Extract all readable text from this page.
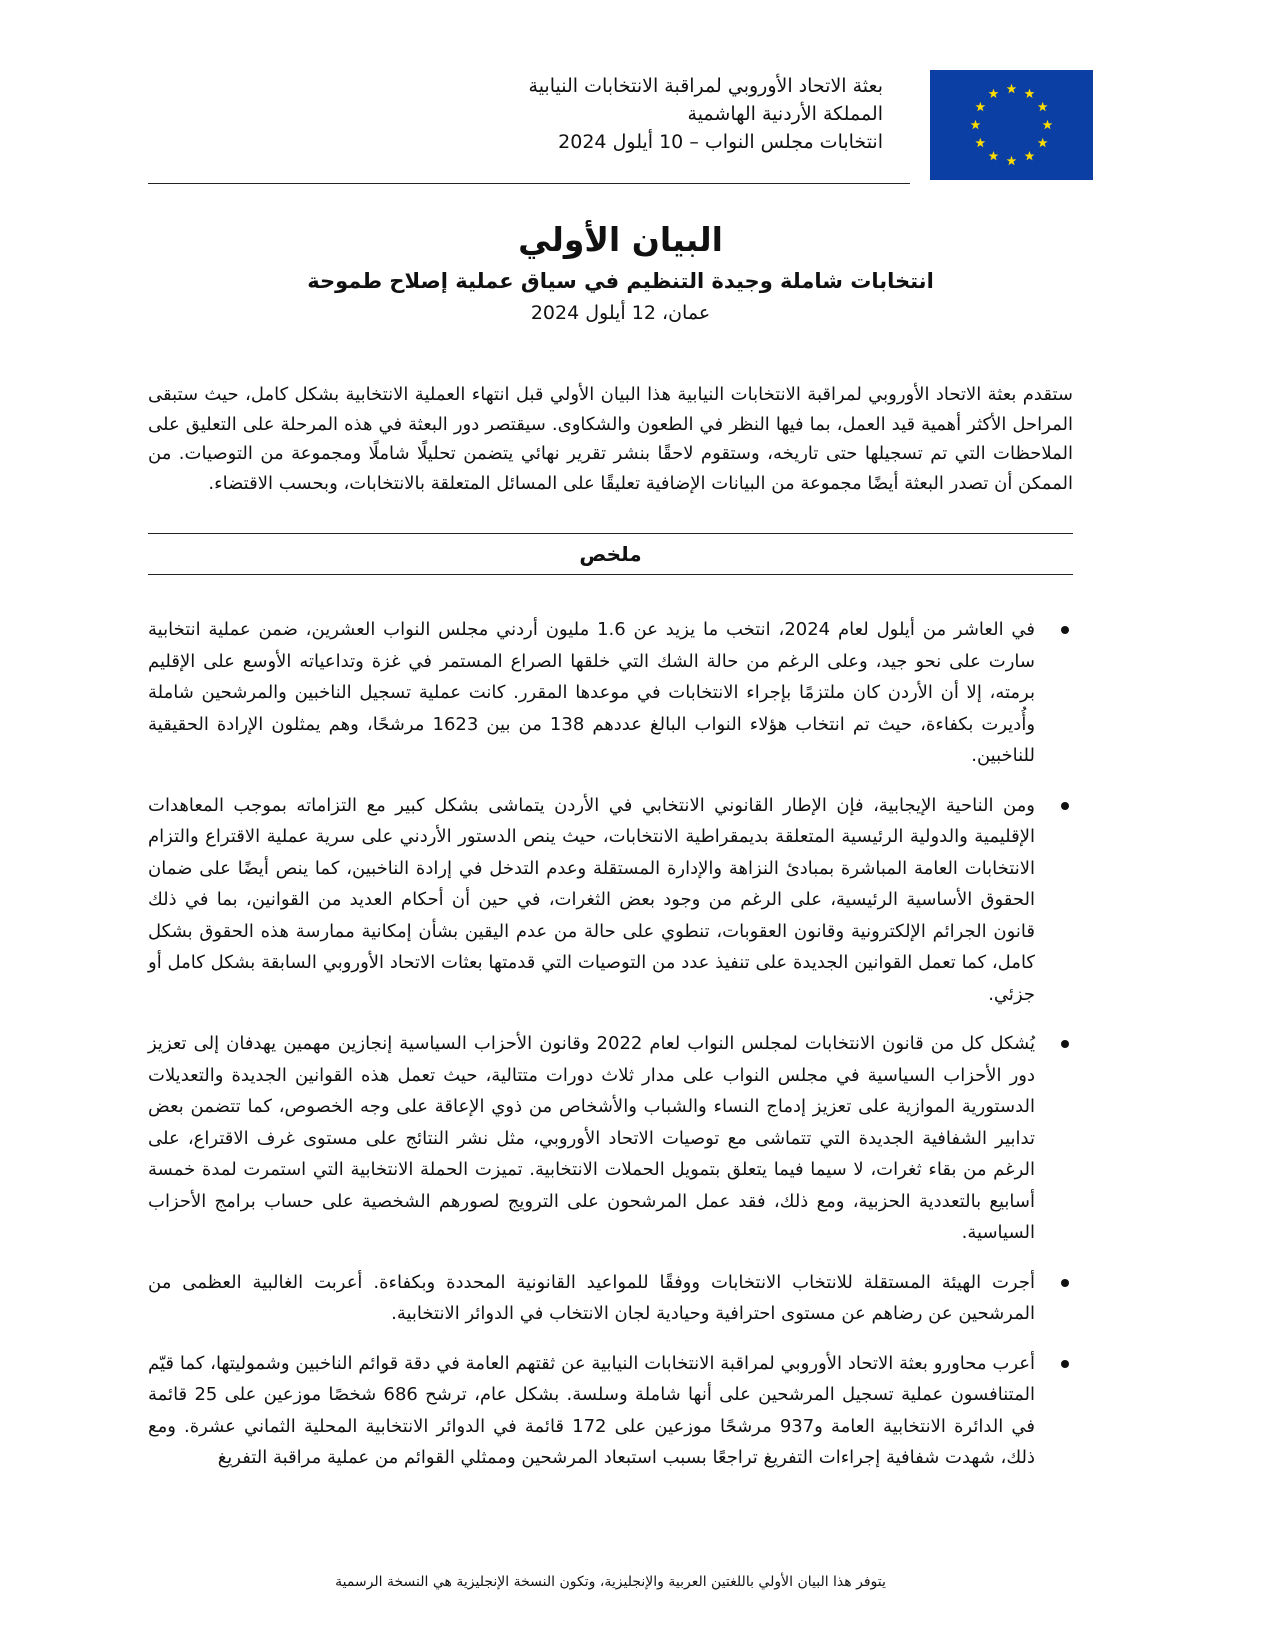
بعثة الاتحاد الأوروبي لمراقبة الانتخابات النيابية
المملكة الأردنية الهاشمية
انتخابات مجلس النواب – 10 أيلول 2024
البيان الأولي
انتخابات شاملة وجيدة التنظيم في سياق عملية إصلاح طموحة

عمان، 12 أيلول 2024

ستقدم بعثة الاتحاد الأوروبي لمراقبة الانتخابات النيابية هذا البيان الأولي قبل انتهاء العملية الانتخابية بشكل كامل، حيث ستبقى المراحل الأكثر أهمية قيد العمل، بما فيها النظر في الطعون والشكاوى. سيقتصر دور البعثة في هذه المرحلة على التعليق على الملاحظات التي تم تسجيلها حتى تاريخه، وستقوم لاحقًا بنشر تقرير نهائي يتضمن تحليلًا شاملًا ومجموعة من التوصيات. من الممكن أن تصدر البعثة أيضًا مجموعة من البيانات الإضافية تعليقًا على المسائل المتعلقة بالانتخابات، وبحسب الاقتضاء.

ملخص
في العاشر من أيلول لعام 2024، انتخب ما يزيد عن 1.6 مليون أردني مجلس النواب العشرين، ضمن عملية انتخابية سارت على نحو جيد، وعلى الرغم من حالة الشك التي خلقها الصراع المستمر في غزة وتداعياته الأوسع على الإقليم برمته، إلا أن الأردن كان ملتزمًا بإجراء الانتخابات في موعدها المقرر. كانت عملية تسجيل الناخبين والمرشحين شاملة وأُديرت بكفاءة، حيث تم انتخاب هؤلاء النواب البالغ عددهم 138 من بين 1623 مرشحًا، وهم يمثلون الإرادة الحقيقية للناخبين.
ومن الناحية الإيجابية، فإن الإطار القانوني الانتخابي في الأردن يتماشى بشكل كبير مع التزاماته بموجب المعاهدات الإقليمية والدولية الرئيسية المتعلقة بديمقراطية الانتخابات، حيث ينص الدستور الأردني على سرية عملية الاقتراع والتزام الانتخابات العامة المباشرة بمبادئ النزاهة والإدارة المستقلة وعدم التدخل في إرادة الناخبين، كما ينص أيضًا على ضمان الحقوق الأساسية الرئيسية، على الرغم من وجود بعض الثغرات، في حين أن أحكام العديد من القوانين، بما في ذلك قانون الجرائم الإلكترونية وقانون العقوبات، تنطوي على حالة من عدم اليقين بشأن إمكانية ممارسة هذه الحقوق بشكل كامل، كما تعمل القوانين الجديدة على تنفيذ عدد من التوصيات التي قدمتها بعثات الاتحاد الأوروبي السابقة بشكل كامل أو جزئي.
يُشكل كل من قانون الانتخابات لمجلس النواب لعام 2022 وقانون الأحزاب السياسية إنجازين مهمين يهدفان إلى تعزيز دور الأحزاب السياسية في مجلس النواب على مدار ثلاث دورات متتالية، حيث تعمل هذه القوانين الجديدة والتعديلات الدستورية الموازية على تعزيز إدماج النساء والشباب والأشخاص من ذوي الإعاقة على وجه الخصوص، كما تتضمن بعض تدابير الشفافية الجديدة التي تتماشى مع توصيات الاتحاد الأوروبي، مثل نشر النتائج على مستوى غرف الاقتراع، على الرغم من بقاء ثغرات، لا سيما فيما يتعلق بتمويل الحملات الانتخابية. تميزت الحملة الانتخابية التي استمرت لمدة خمسة أسابيع بالتعددية الحزبية، ومع ذلك، فقد عمل المرشحون على الترويج لصورهم الشخصية على حساب برامج الأحزاب السياسية.
أجرت الهيئة المستقلة للانتخاب الانتخابات ووفقًا للمواعيد القانونية المحددة وبكفاءة. أعربت الغالبية العظمى من المرشحين عن رضاهم عن مستوى احترافية وحيادية لجان الانتخاب في الدوائر الانتخابية.
أعرب محاورو بعثة الاتحاد الأوروبي لمراقبة الانتخابات النيابية عن ثقتهم العامة في دقة قوائم الناخبين وشموليتها، كما قيّم المتنافسون عملية تسجيل المرشحين على أنها شاملة وسلسة. بشكل عام، ترشح 686 شخصًا موزعين على 25 قائمة في الدائرة الانتخابية العامة و937 مرشحًا موزعين على 172 قائمة في الدوائر الانتخابية المحلية الثماني عشرة. ومع ذلك، شهدت شفافية إجراءات التفريغ تراجعًا بسبب استبعاد المرشحين وممثلي القوائم من عملية مراقبة التفريغ
يتوفر هذا البيان الأولي باللغتين العربية والإنجليزية، وتكون النسخة الإنجليزية هي النسخة الرسمية
